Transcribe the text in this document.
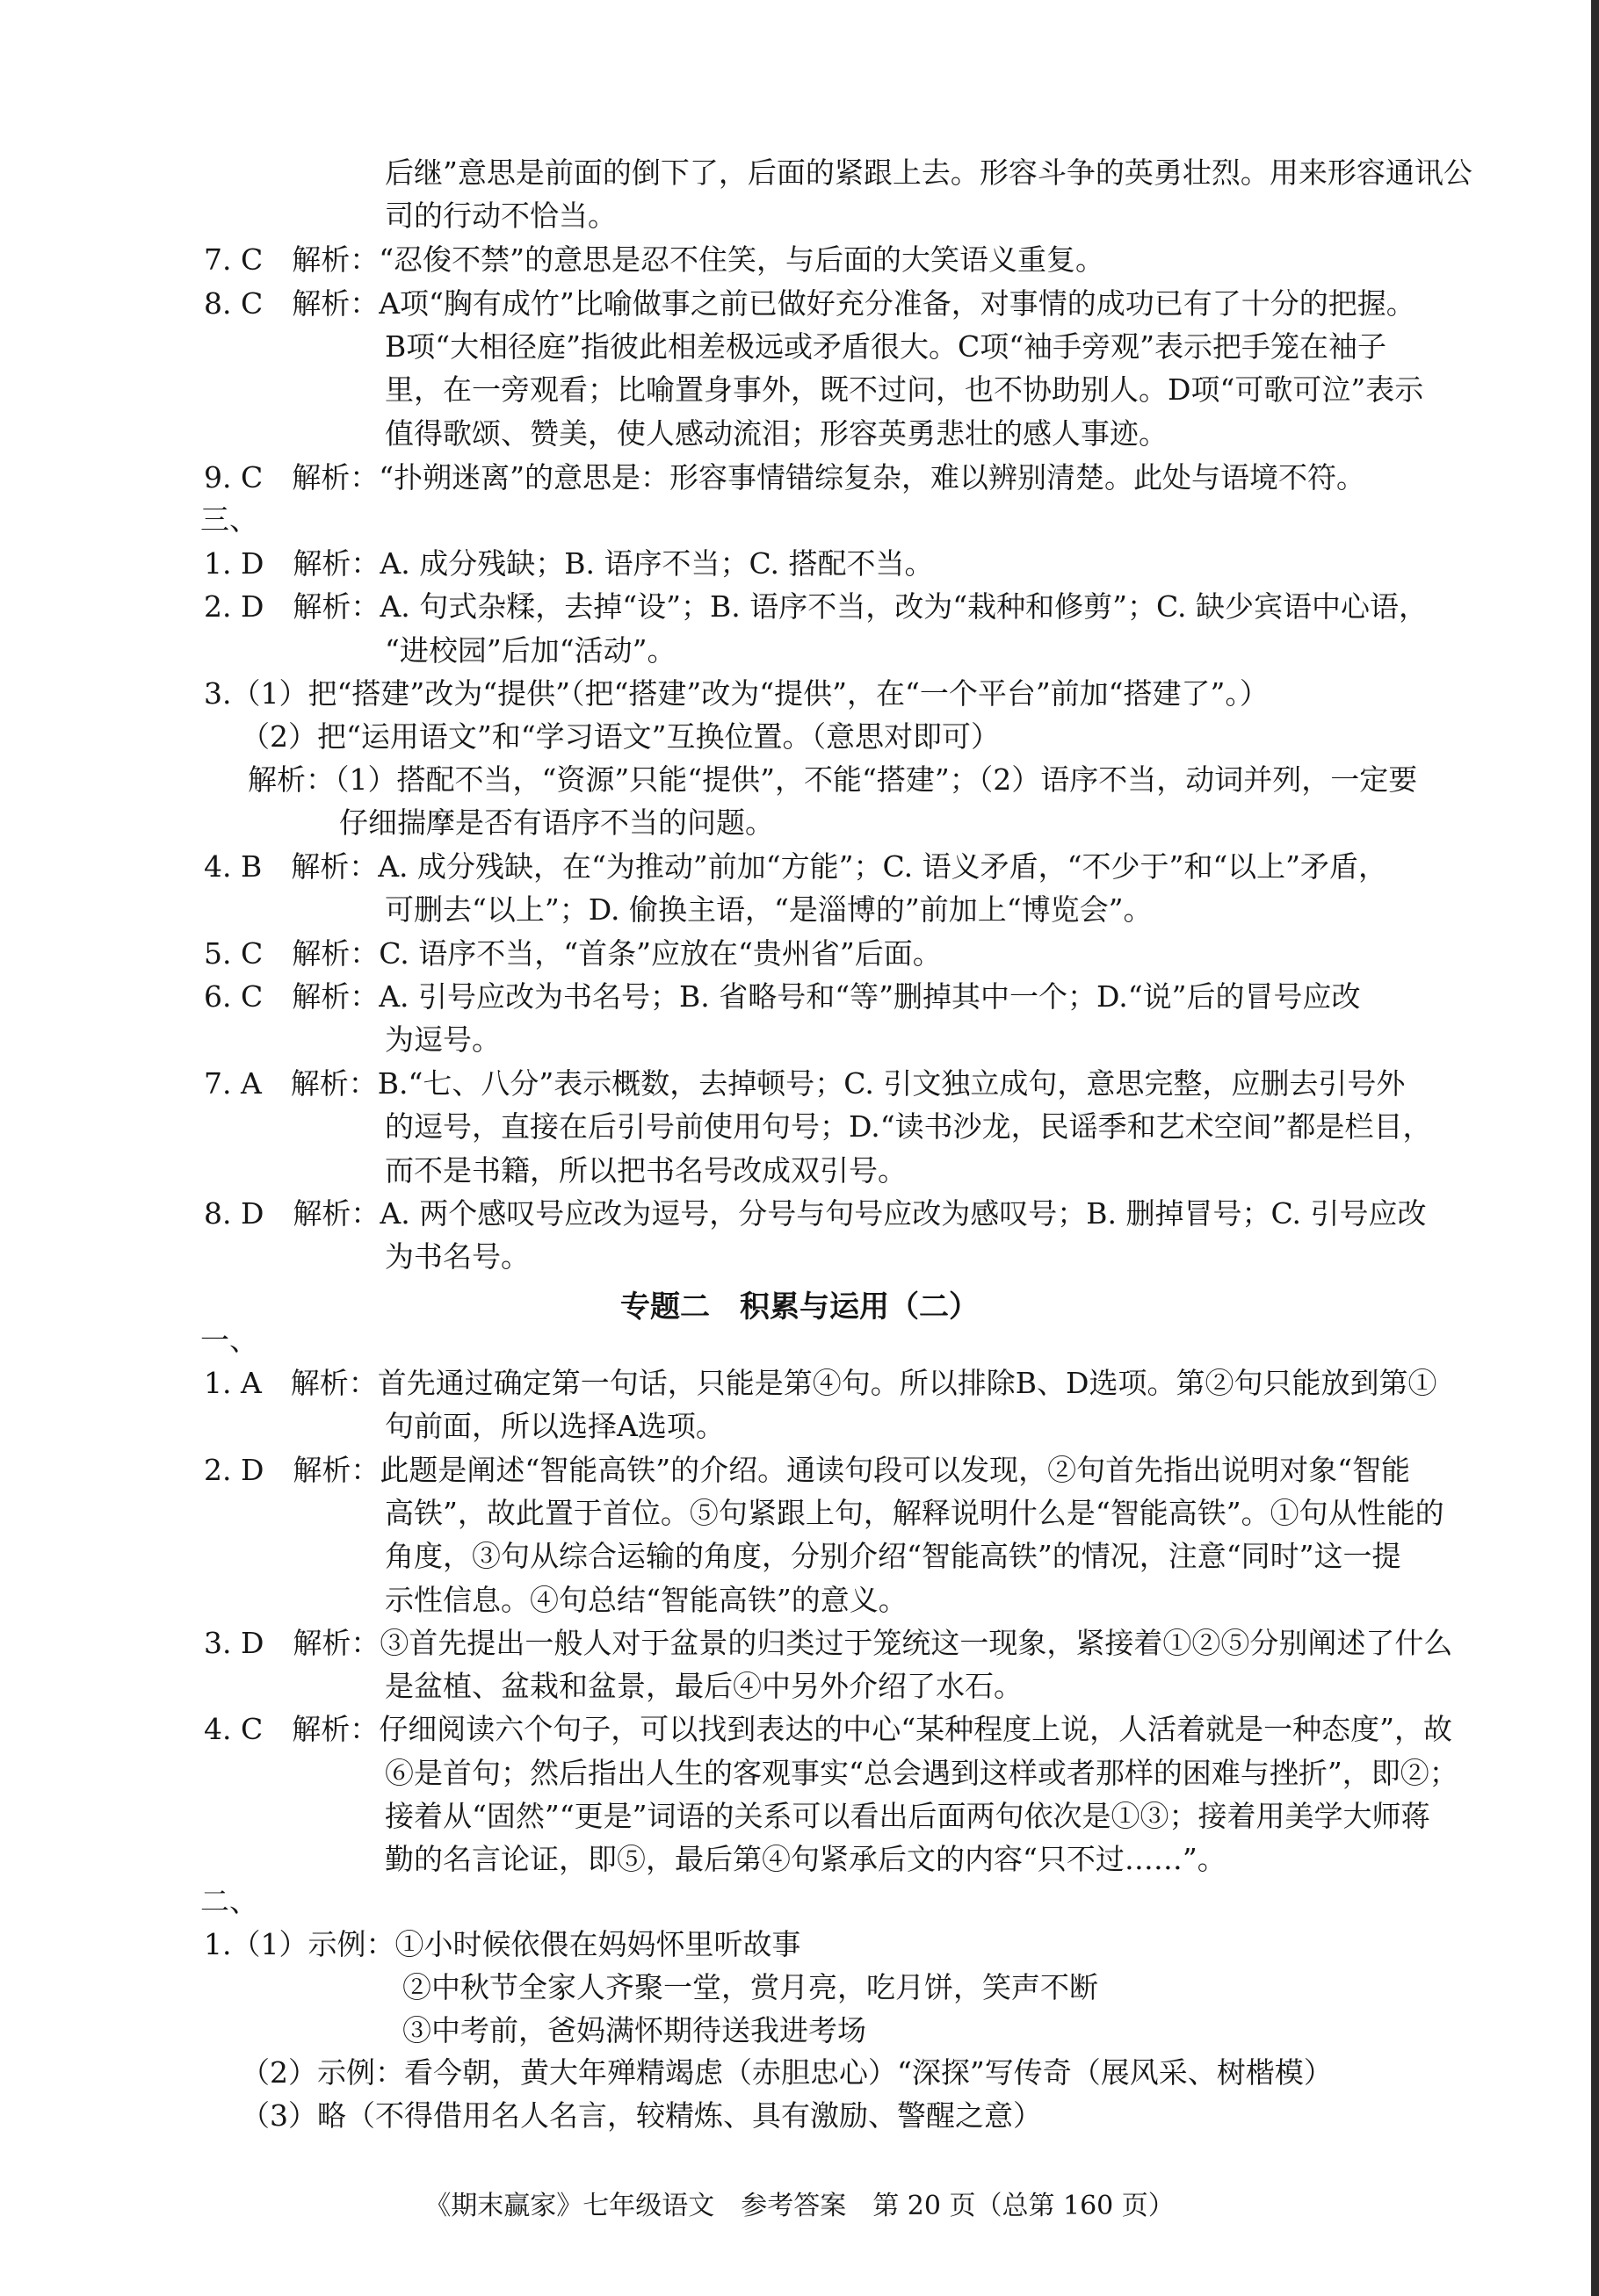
后继”意思是前面的倒下了，后面的紧跟上去。形容斗争的英勇壮烈。用来形容通讯公
司的行动不恰当。
7. C　解析：“忍俊不禁”的意思是忍不住笑，与后面的大笑语义重复。
8. C　解析：A项“胸有成竹”比喻做事之前已做好充分准备，对事情的成功已有了十分的把握。
B项“大相径庭”指彼此相差极远或矛盾很大。C项“袖手旁观”表示把手笼在袖子
里，在一旁观看；比喻置身事外，既不过问，也不协助别人。D项“可歌可泣”表示
值得歌颂、赞美，使人感动流泪；形容英勇悲壮的感人事迹。
9. C　解析：“扑朔迷离”的意思是：形容事情错综复杂，难以辨别清楚。此处与语境不符。
三、
1. D　解析：A. 成分残缺；B. 语序不当；C. 搭配不当。
2. D　解析：A. 句式杂糅，去掉“设”；B. 语序不当，改为“栽种和修剪”；C. 缺少宾语中心语，
“进校园”后加“活动”。
3.（1）把“搭建”改为“提供”（把“搭建”改为“提供”，在“一个平台”前加“搭建了”。）
（2）把“运用语文”和“学习语文”互换位置。（意思对即可）
解析：（1）搭配不当，“资源”只能“提供”，不能“搭建”；（2）语序不当，动词并列，一定要
仔细揣摩是否有语序不当的问题。
4. B　解析：A. 成分残缺，在“为推动”前加“方能”；C. 语义矛盾，“不少于”和“以上”矛盾，
可删去“以上”；D. 偷换主语，“是淄博的”前加上“博览会”。
5. C　解析：C. 语序不当，“首条”应放在“贵州省”后面。
6. C　解析：A. 引号应改为书名号；B. 省略号和“等”删掉其中一个；D.“说”后的冒号应改
为逗号。
7. A　解析：B.“七、八分”表示概数，去掉顿号；C. 引文独立成句，意思完整，应删去引号外
的逗号，直接在后引号前使用句号；D.“读书沙龙，民谣季和艺术空间”都是栏目，
而不是书籍，所以把书名号改成双引号。
8. D　解析：A. 两个感叹号应改为逗号，分号与句号应改为感叹号；B. 删掉冒号；C. 引号应改
为书名号。
专题二　积累与运用（二）
一、
1. A　解析：首先通过确定第一句话，只能是第④句。所以排除B、D选项。第②句只能放到第①
句前面，所以选择A选项。
2. D　解析：此题是阐述“智能高铁”的介绍。通读句段可以发现，②句首先指出说明对象“智能
高铁”，故此置于首位。⑤句紧跟上句，解释说明什么是“智能高铁”。①句从性能的
角度，③句从综合运输的角度，分别介绍“智能高铁”的情况，注意“同时”这一提
示性信息。④句总结“智能高铁”的意义。
3. D　解析：③首先提出一般人对于盆景的归类过于笼统这一现象，紧接着①②⑤分别阐述了什么
是盆植、盆栽和盆景，最后④中另外介绍了水石。
4. C　解析：仔细阅读六个句子，可以找到表达的中心“某种程度上说，人活着就是一种态度”，故
⑥是首句；然后指出人生的客观事实“总会遇到这样或者那样的困难与挫折”，即②；
接着从“固然”“更是”词语的关系可以看出后面两句依次是①③；接着用美学大师蒋
勤的名言论证，即⑤，最后第④句紧承后文的内容“只不过……”。
二、
1.（1）示例：①小时候依偎在妈妈怀里听故事
②中秋节全家人齐聚一堂，赏月亮，吃月饼，笑声不断
③中考前，爸妈满怀期待送我进考场
（2）示例：看今朝，黄大年殚精竭虑（赤胆忠心）“深探”写传奇（展风采、树楷模）
（3）略（不得借用名人名言，较精炼、具有激励、警醒之意）
《期末赢家》七年级语文　参考答案　第 20 页（总第 160 页）
